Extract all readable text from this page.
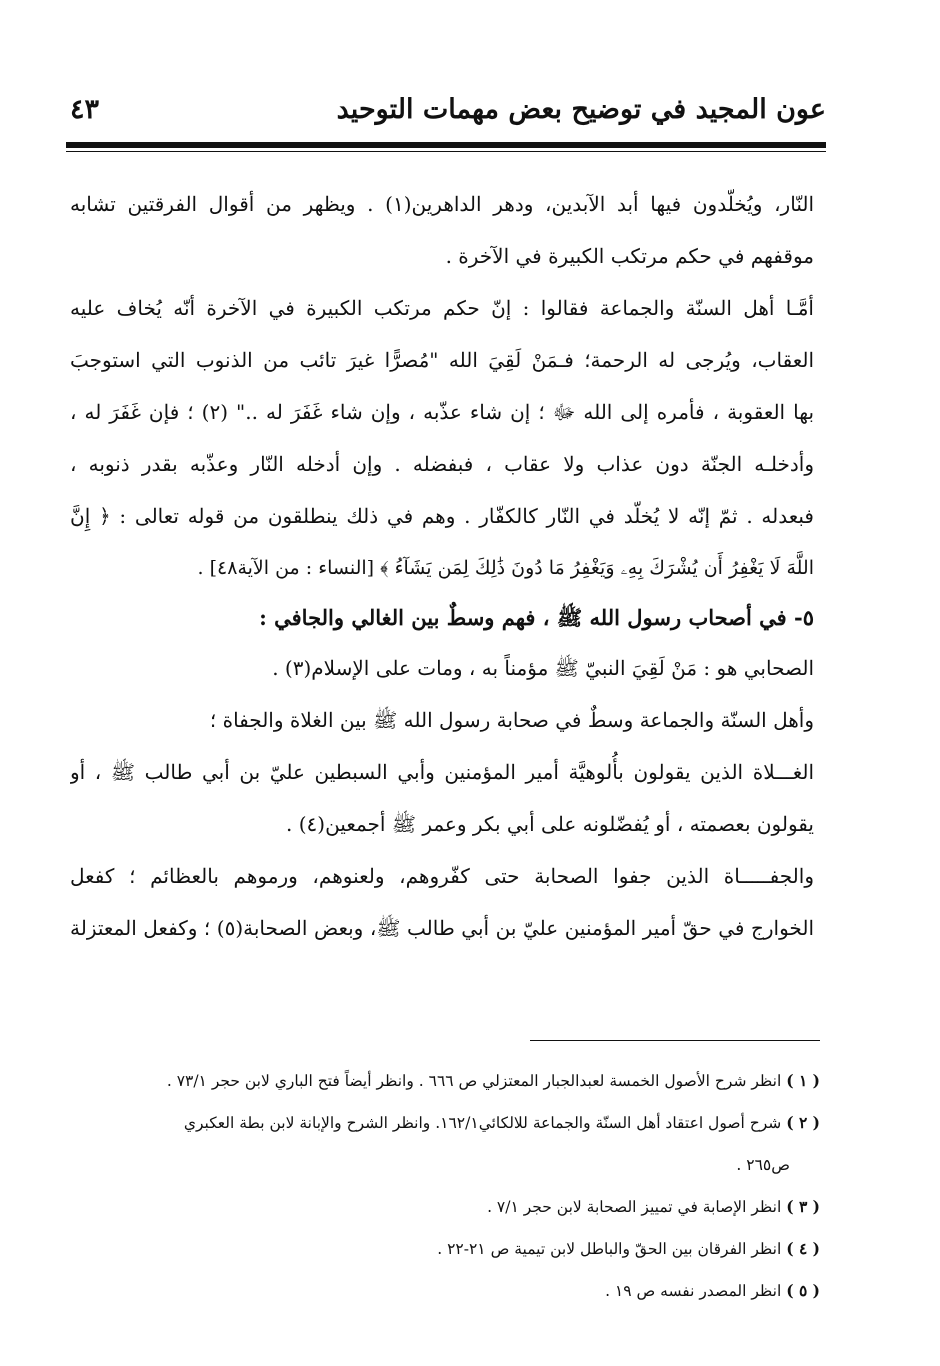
عون المجيد في توضيح بعض مهمات التوحيد
٤٣
النّار، ويُخلّدون فيها أبد الآبدين، ودهر الداهرين(١) . ويظهر من أقوال الفرقتين تشابه
موقفهم في حكم مرتكب الكبيرة في الآخرة .
أمَّـا أهل السنّة والجماعة فقالوا : إنّ حكم مرتكب الكبيرة في الآخرة أنّه يُخاف عليه
العقاب، ويُرجى له الرحمة؛ فـمَنْ لَقِيَ الله "مُصرًّا غيرَ تائب من الذنوب التي استوجبَ
بها العقوبة ، فأمره إلى الله ﷻ ؛ إن شاء عذّبه ، وإن شاء غَفَرَ له .." (٢) ؛ فإن غَفَرَ له ،
وأدخلـه الجنّة دون عذاب ولا عقاب ، فبفضله . وإن أدخله النّار وعذّبه بقدر ذنوبه ،
فبعدله . ثمّ إنّه لا يُخلّد في النّار كالكفّار . وهم في ذلك ينطلقون من قوله تعالى : ﴿ إِنَّ
اللَّهَ لَا يَغْفِرُ أَن يُشْرَكَ بِهِۦ وَيَغْفِرُ مَا دُونَ ذَٰلِكَ لِمَن يَشَآءُ ﴾ [النساء : من الآية٤٨] .
٥- في أصحاب رسول الله ﷺ ، فهم وسطٌ بين الغالي والجافي :
الصحابي هو : مَنْ لَقِيَ النبيّ ﷺ مؤمناً به ، ومات على الإسلام(٣) .
وأهل السنّة والجماعة وسطٌ في صحابة رسول الله ﷺ بين الغلاة والجفاة ؛
الغـــلاة الذين يقولون بأُلوهيَّة أمير المؤمنين وأبي السبطين عليّ بن أبي طالب ﷺ ، أو
يقولون بعصمته ، أو يُفضّلونه على أبي بكر وعمر ﷺ أجمعين(٤) .
والجفـــــاة الذين جفوا الصحابة حتى كفّروهم، ولعنوهم، ورموهم بالعظائم ؛ كفعل
الخوارج في حقّ أمير المؤمنين عليّ بن أبي طالب ﷺ، وبعض الصحابة(٥) ؛ وكفعل المعتزلة
( ١ ) انظر شرح الأصول الخمسة لعبدالجبار المعتزلي ص ٦٦٦ . وانظر أيضاً فتح الباري لابن حجر ٧٣/١ .
( ٢ ) شرح أصول اعتقاد أهل السنّة والجماعة للالكائي١٦٢/١. وانظر الشرح والإبانة لابن بطة العكبري
ص٢٦٥ .
( ٣ ) انظر الإصابة في تمييز الصحابة لابن حجر ٧/١ .
( ٤ ) انظر الفرقان بين الحقّ والباطل لابن تيمية ص ٢١-٢٢ .
( ٥ ) انظر المصدر نفسه ص ١٩ .
